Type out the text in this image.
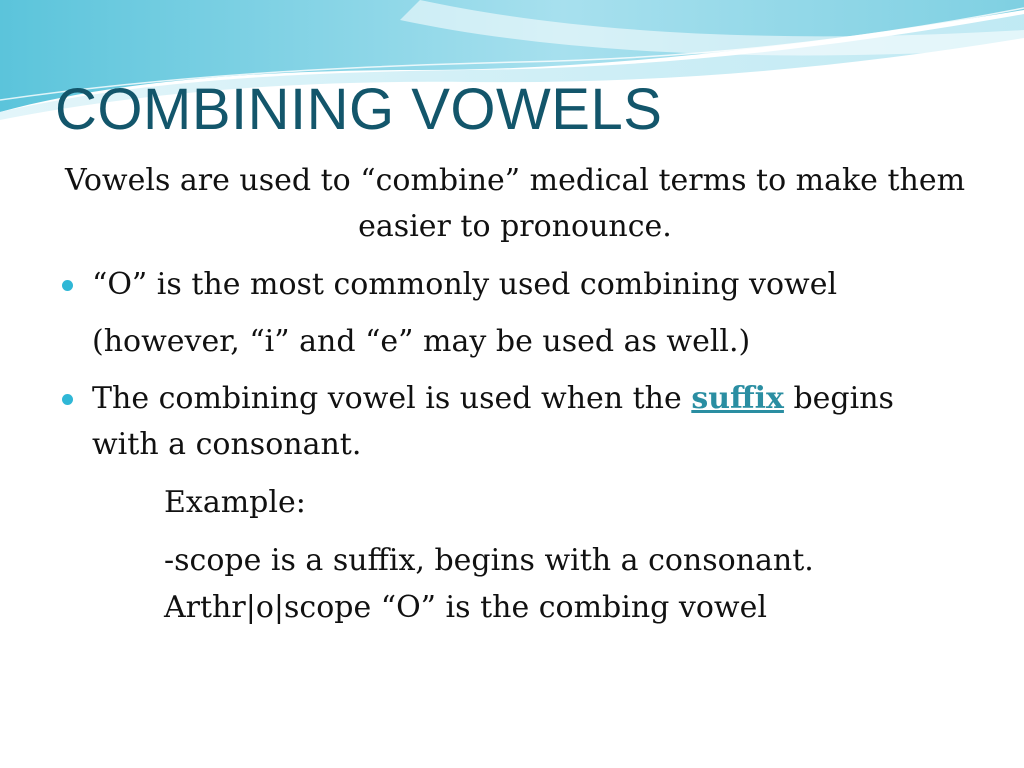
COMBINING VOWELS
Vowels are used to “combine” medical terms to make them easier to pronounce.
“O” is the most commonly used combining vowel
(however, “i” and “e” may be used as well.)
The combining vowel is used when the suffix begins
with a consonant.
Example:
-scope is a suffix, begins with a consonant.
Arthr|o|scope “O” is the combing vowel
